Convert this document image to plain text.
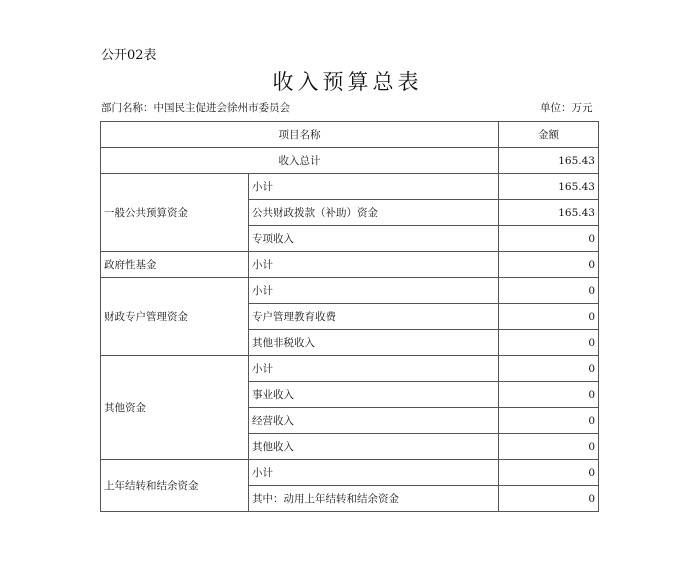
公开02表
收入预算总表
部门名称：中国民主促进会徐州市委员会	单位：万元
项目名称		金额
收入总计		165.43
一般公共预算资金	小计	165.43
	公共财政拨款（补助）资金	165.43
	专项收入	0
政府性基金	小计	0
财政专户管理资金	小计	0
	专户管理教育收费	0
	其他非税收入	0
其他资金	小计	0
	事业收入	0
	经营收入	0
	其他收入	0
上年结转和结余资金	小计	0
	其中：动用上年结转和结余资金	0
